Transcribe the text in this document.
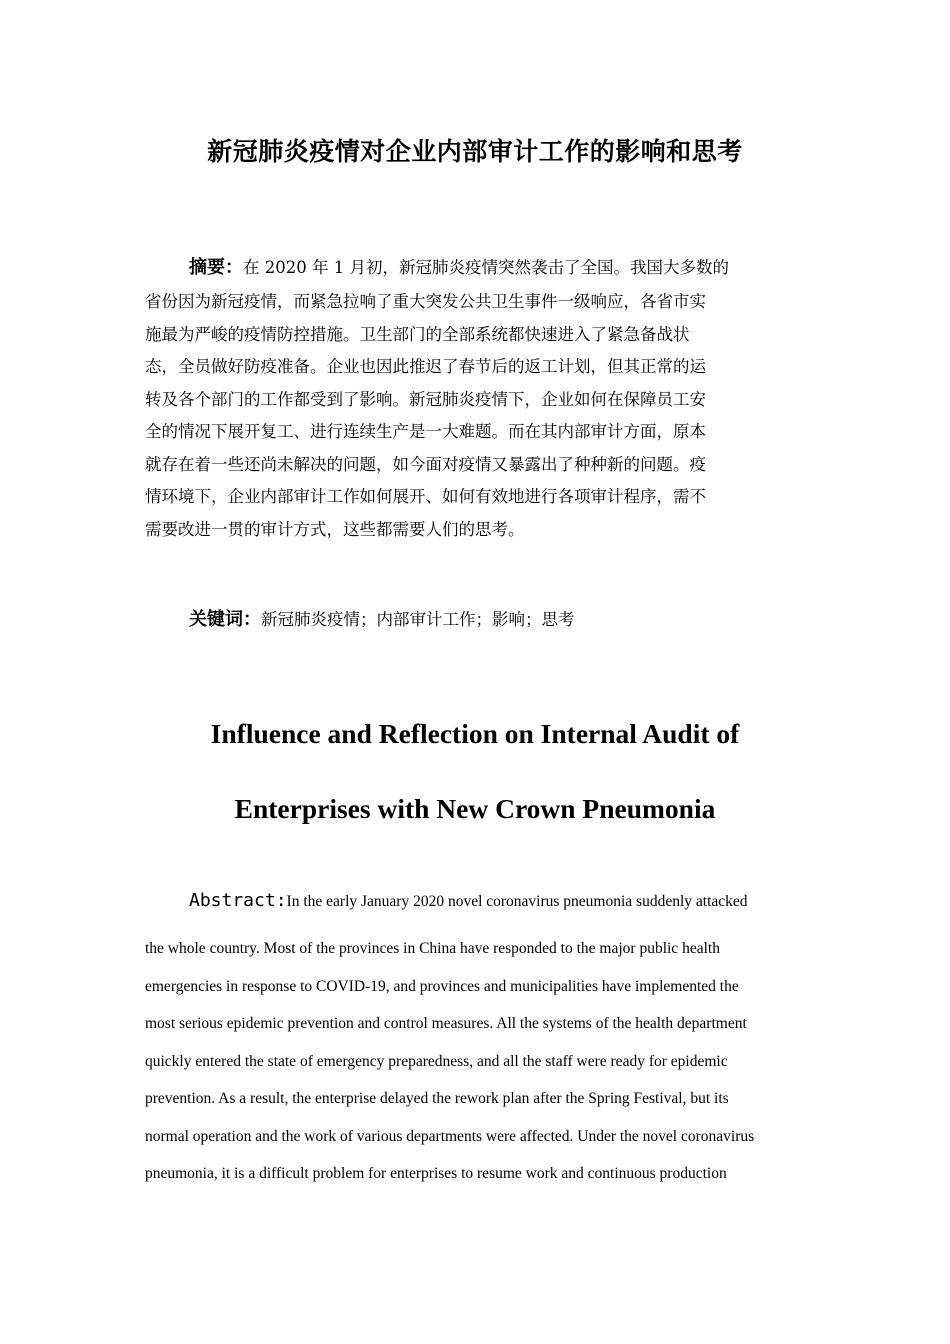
新冠肺炎疫情对企业内部审计工作的影响和思考
摘要：在 2020 年 1 月初，新冠肺炎疫情突然袭击了全国。我国大多数的
省份因为新冠疫情，而紧急拉响了重大突发公共卫生事件一级响应，各省市实
施最为严峻的疫情防控措施。卫生部门的全部系统都快速进入了紧急备战状
态，全员做好防疫准备。企业也因此推迟了春节后的返工计划，但其正常的运
转及各个部门的工作都受到了影响。新冠肺炎疫情下，企业如何在保障员工安
全的情况下展开复工、进行连续生产是一大难题。而在其内部审计方面，原本
就存在着一些还尚未解决的问题，如今面对疫情又暴露出了种种新的问题。疫
情环境下，企业内部审计工作如何展开、如何有效地进行各项审计程序，需不
需要改进一贯的审计方式，这些都需要人们的思考。
关键词：新冠肺炎疫情；内部审计工作；影响；思考
Influence and Reflection on Internal Audit of
Enterprises with New Crown Pneumonia
Abstract:In the early January 2020 novel coronavirus pneumonia suddenly attacked
the whole country. Most of the provinces in China have responded to the major public health
emergencies in response to COVID-19, and provinces and municipalities have implemented the
most serious epidemic prevention and control measures. All the systems of the health department
quickly entered the state of emergency preparedness, and all the staff were ready for epidemic
prevention. As a result, the enterprise delayed the rework plan after the Spring Festival, but its
normal operation and the work of various departments were affected. Under the novel coronavirus
pneumonia, it is a difficult problem for enterprises to resume work and continuous production
